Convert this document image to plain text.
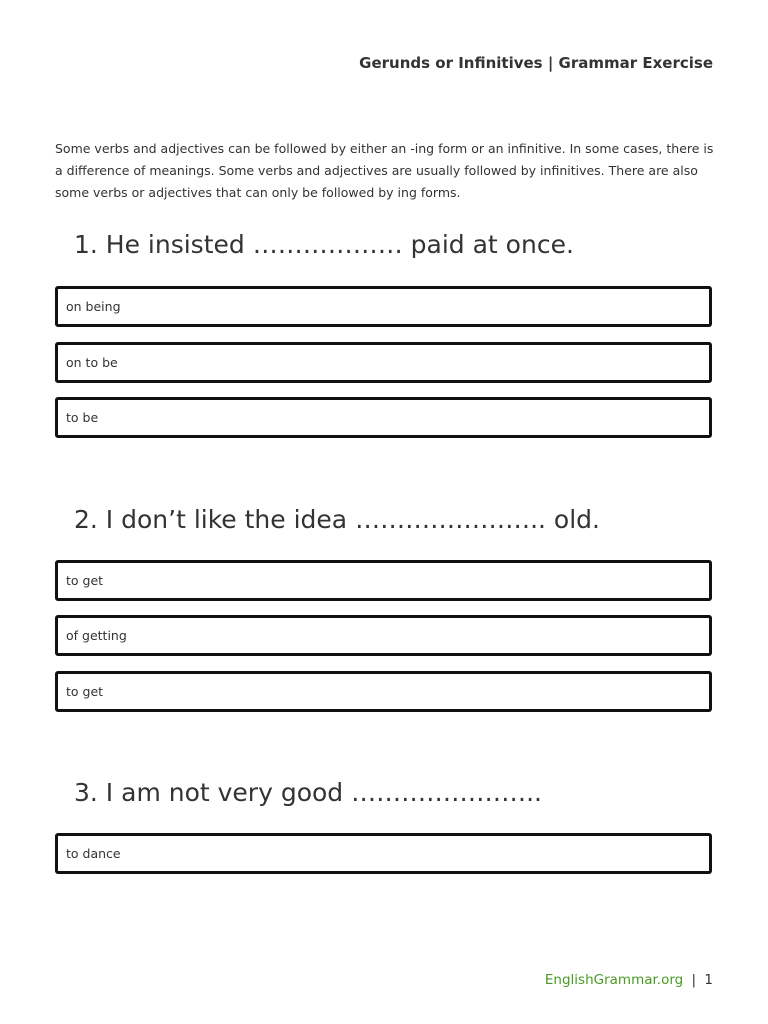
Gerunds or Infinitives | Grammar Exercise

Some verbs and adjectives can be followed by either an -ing form or an infinitive. In some cases, there is a difference of meanings. Some verbs and adjectives are usually followed by infinitives. There are also some verbs or adjectives that can only be followed by ing forms.

1. He insisted ……………… paid at once.
on being
on to be
to be
2. I don’t like the idea ………………….. old.
to get
of getting
to get
3. I am not very good …………………..
to dance
EnglishGrammar.org | 1
